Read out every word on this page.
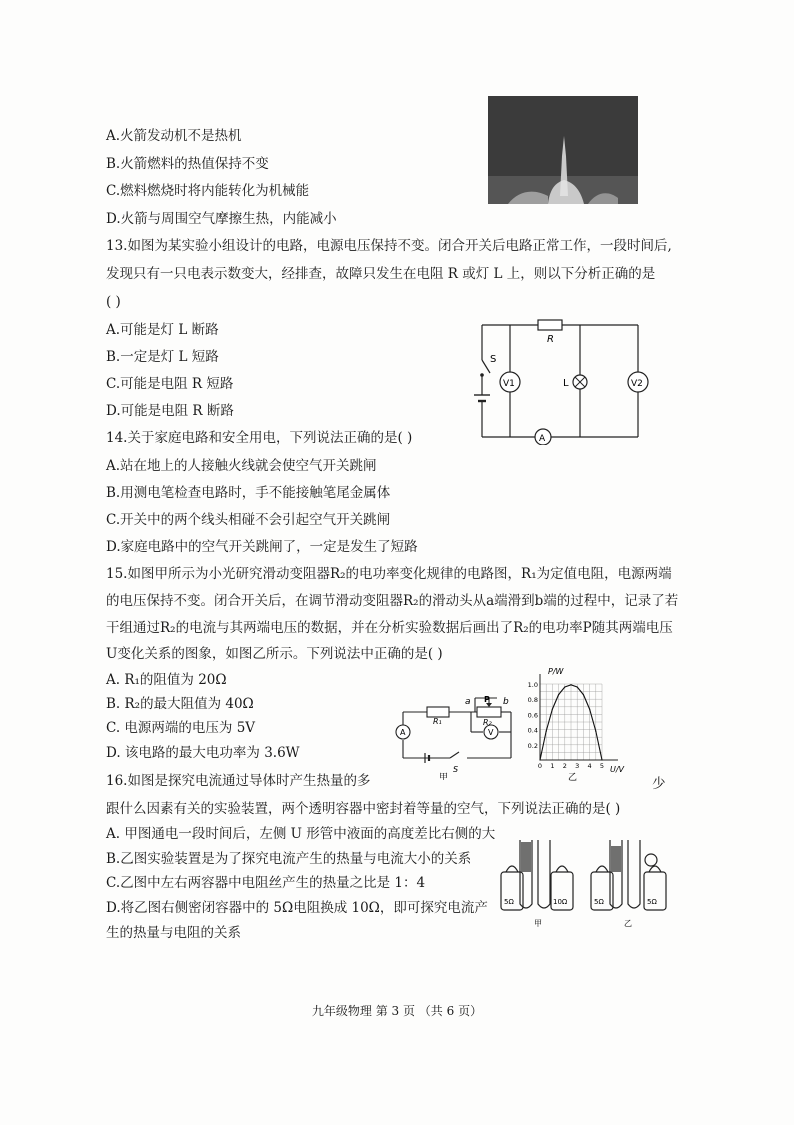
A.火箭发动机不是热机
B.火箭燃料的热值保持不变
C.燃料燃烧时将内能转化为机械能
D.火箭与周围空气摩擦生热，内能减小
13.如图为某实验小组设计的电路，电源电压保持不变。闭合开关后电路正常工作，一段时间后,
发现只有一只电表示数变大，经排查，故障只发生在电阻 R 或灯 L 上，则以下分析正确的是
( )
A.可能是灯 L 断路
B.一定是灯 L 短路
C.可能是电阻 R 短路
D.可能是电阻 R 断路
R
S
V1	L	V2
A
14.关于家庭电路和安全用电，下列说法正确的是( )
A.站在地上的人接触火线就会使空气开关跳闸
B.用测电笔检查电路时，手不能接触笔尾金属体
C.开关中的两个线头相碰不会引起空气开关跳闸
D.家庭电路中的空气开关跳闸了，一定是发生了短路
15.如图甲所示为小光研究滑动变阻器R₂的电功率变化规律的电路图，R₁为定值电阻，电源两端
的电压保持不变。闭合开关后，在调节滑动变阻器R₂的滑动头从a端滑到b端的过程中，记录了若
干组通过R₂的电流与其两端电压的数据，并在分析实验数据后画出了R₂的电功率P随其两端电压
U变化关系的图象，如图乙所示。下列说法中正确的是( )
A. R₁的阻值为 20Ω
B. R₂的最大阻值为 40Ω
C. 电源两端的电压为 5V
D. 该电路的最大电功率为 3.6W
A	V
R₁	R₂
a	b
P
S
甲
P/W
U/V
乙
1.0
0.8
0.6
0.4
0.2
0 1 2 3 4 5
16.如图是探究电流通过导体时产生热量的多	少
跟什么因素有关的实验装置，两个透明容器中密封着等量的空气，下列说法正确的是( )
A. 甲图通电一段时间后，左侧 U 形管中液面的高度差比右侧的大
B.乙图实验装置是为了探究电流产生的热量与电流大小的关系
C.乙图中左右两容器中电阻丝产生的热量之比是 1：4
D.将乙图右侧密闭容器中的 5Ω电阻换成 10Ω，即可探究电流产
生的热量与电阻的关系
5Ω	10Ω	5Ω	5Ω
甲	乙
九年级物理 第 3 页 （共 6 页）
